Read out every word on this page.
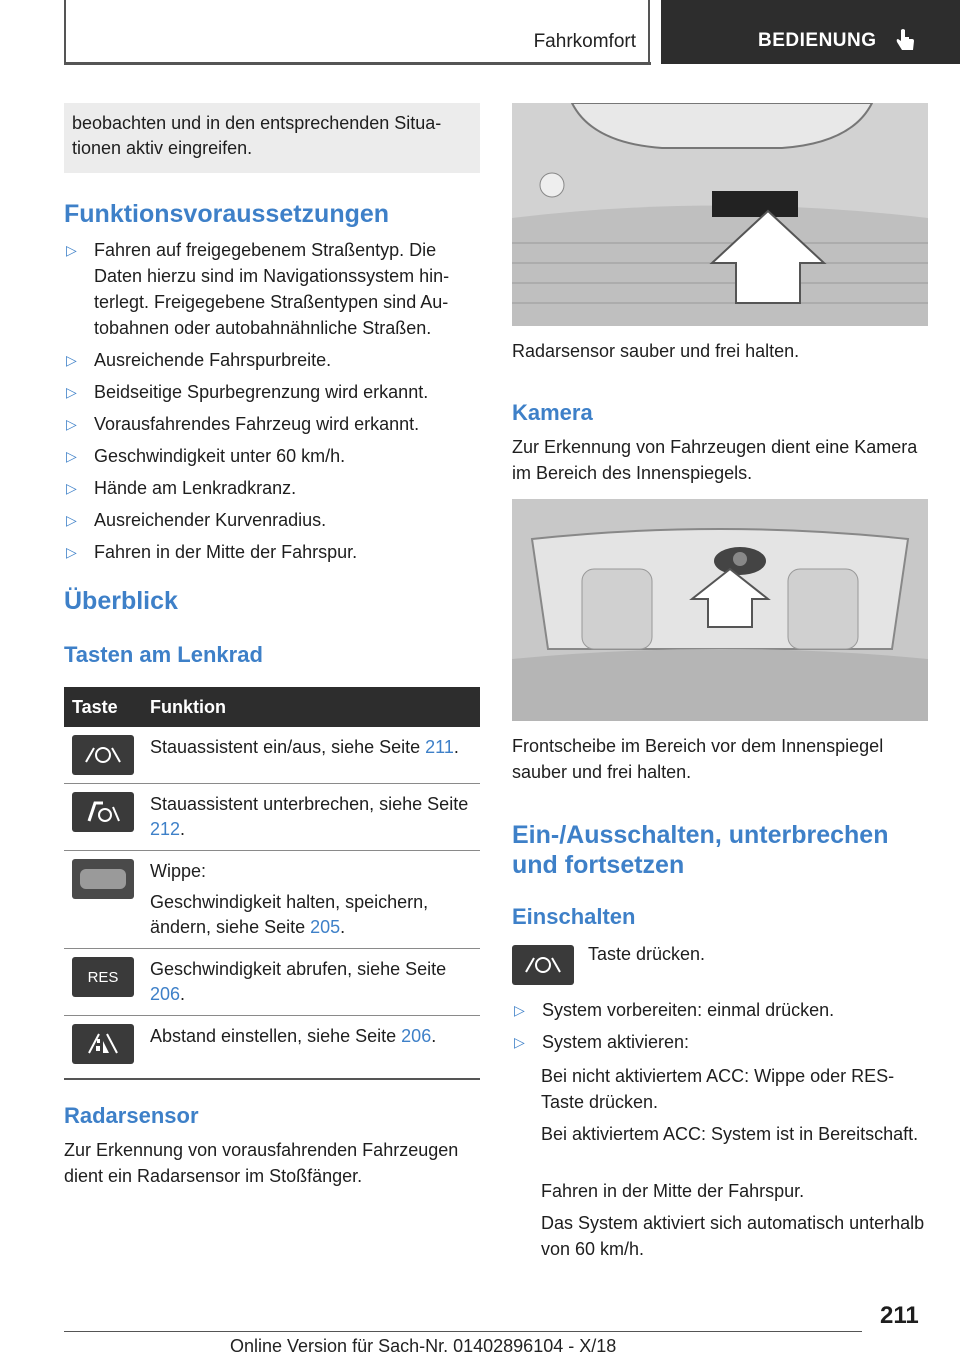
Fahrkomfort	BEDIENUNG

beobachten und in den entsprechenden Situationen aktiv eingreifen.

Funktionsvoraussetzungen
▷ Fahren auf freigegebenem Straßentyp. Die Daten hierzu sind im Navigationssystem hinterlegt. Freigegebene Straßentypen sind Autobahnen oder autobahnähnliche Straßen.
▷ Ausreichende Fahrspurbreite.
▷ Beidseitige Spurbegrenzung wird erkannt.
▷ Vorausfahrendes Fahrzeug wird erkannt.
▷ Geschwindigkeit unter 60 km/h.
▷ Hände am Lenkradkranz.
▷ Ausreichender Kurvenradius.
▷ Fahren in der Mitte der Fahrspur.
Überblick
Tasten am Lenkrad
Taste	Funktion

	Stauassistent ein/aus, siehe Seite 211.

	Stauassistent unterbrechen, siehe Seite 212.

Wippe:
Geschwindigkeit halten, speichern, ändern, siehe Seite 205.

RES	Geschwindigkeit abrufen, siehe Seite 206.

	Abstand einstellen, siehe Seite 206.
Radarsensor

Zur Erkennung von vorausfahrenden Fahrzeugen dient ein Radarsensor im Stoßfänger.

Radarsensor sauber und frei halten.

Kamera

Zur Erkennung von Fahrzeugen dient eine Kamera im Bereich des Innenspiegels.

Frontscheibe im Bereich vor dem Innenspiegel sauber und frei halten.

Ein-/Ausschalten, unterbrechen und fortsetzen
Einschalten

Taste drücken.

▷ System vorbereiten: einmal drücken.
▷ System aktivieren:

Bei nicht aktiviertem ACC: Wippe oder RES-Taste drücken.

Bei aktiviertem ACC: System ist in Bereitschaft.

Fahren in der Mitte der Fahrspur.

Das System aktiviert sich automatisch unterhalb von 60 km/h.

211
Online Version für Sach-Nr. 01402896104 - X/18
